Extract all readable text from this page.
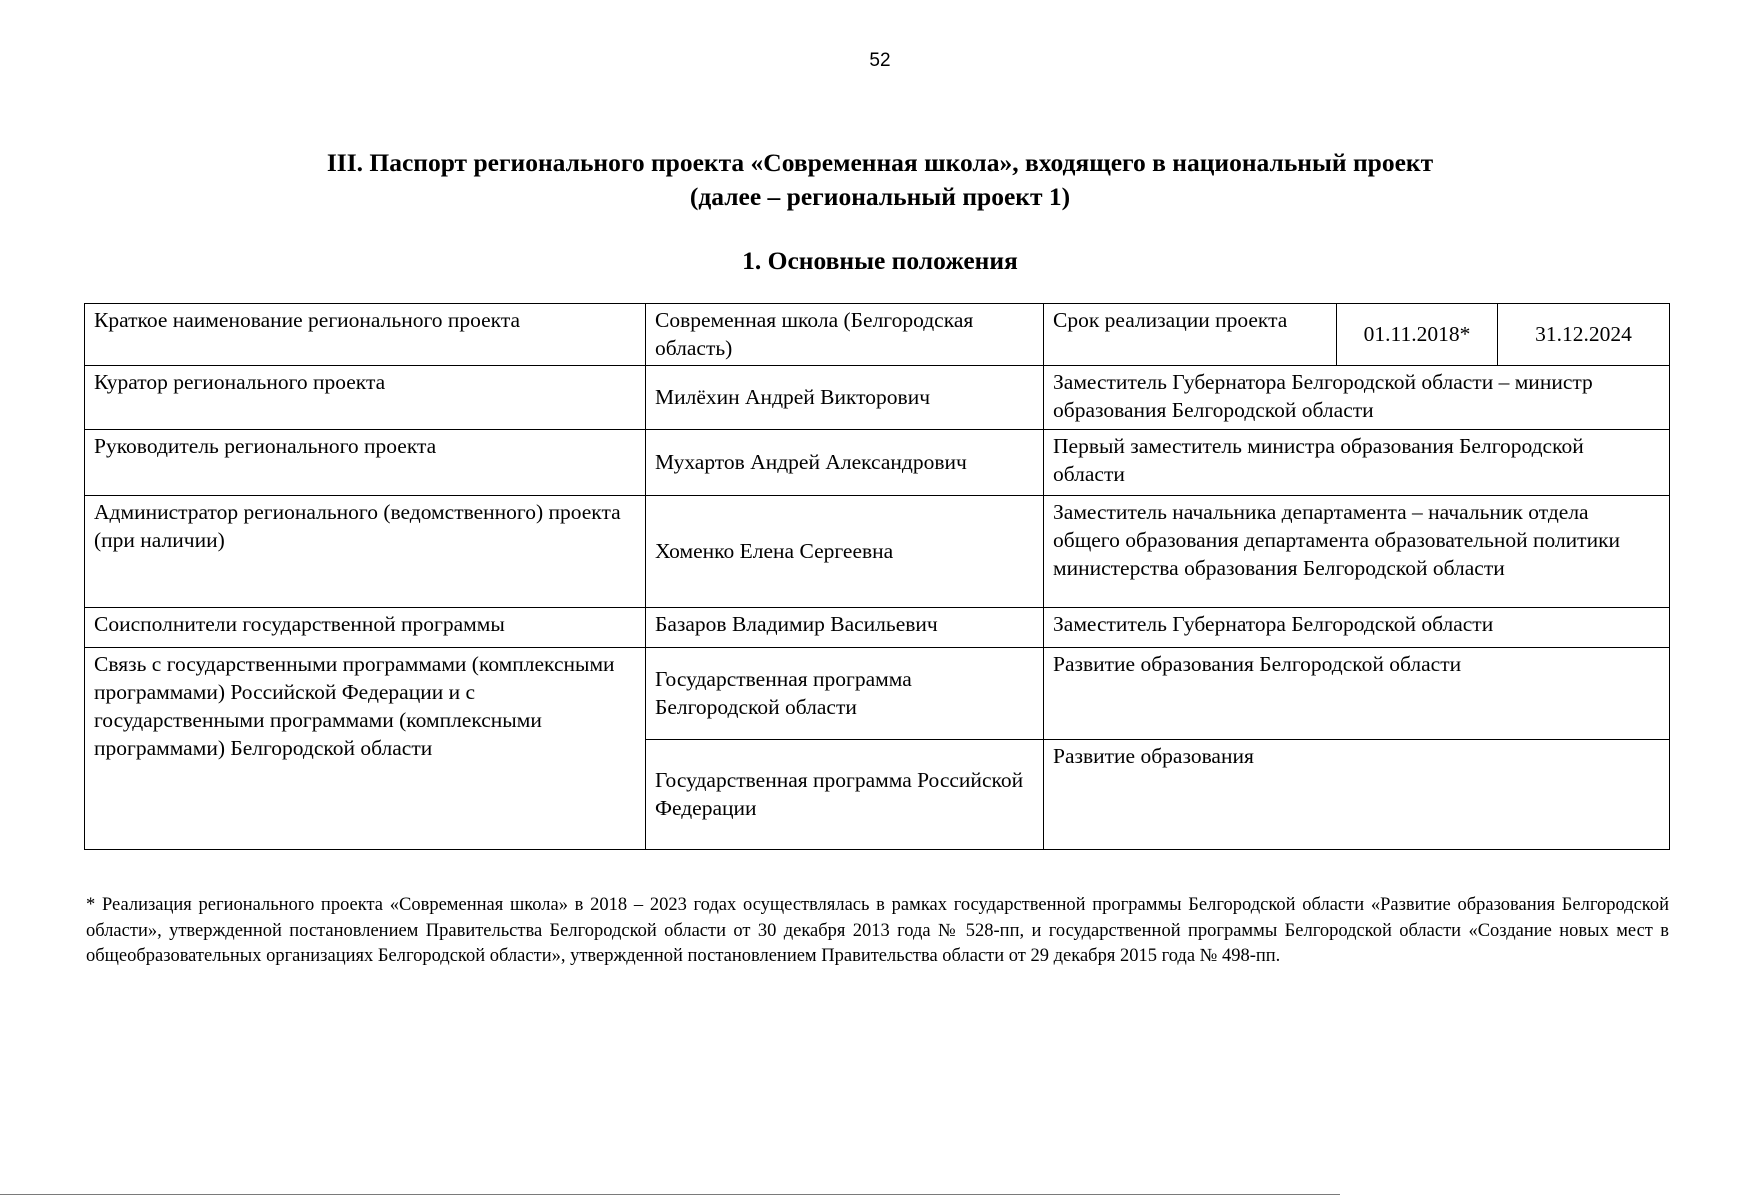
52
III. Паспорт регионального проекта «Современная школа», входящего в национальный проект
(далее – региональный проект 1)
1. Основные положения
Краткое наименование регионального проекта	Современная школа (Белгородская область)	Срок реализации проекта	01.11.2018*	31.12.2024
Куратор регионального проекта	Милёхин Андрей Викторович	Заместитель Губернатора Белгородской области – министр образования Белгородской области		
Руководитель регионального проекта	Мухартов Андрей Александрович	Первый заместитель министра образования Белгородской области		
Администратор регионального (ведомственного) проекта (при наличии)	Хоменко Елена Сергеевна	Заместитель начальника департамента – начальник отдела общего образования департамента образовательной политики министерства образования Белгородской области		
Соисполнители государственной программы	Базаров Владимир Васильевич	Заместитель Губернатора Белгородской области		
Связь с государственными программами (комплексными программами) Российской Федерации и с государственными программами (комплексными программами) Белгородской области	Государственная программа Белгородской области	Развитие образования Белгородской области		
	Государственная программа Российской Федерации	Развитие образования		
* Реализация регионального проекта «Современная школа» в 2018 – 2023 годах осуществлялась в рамках государственной программы Белгородской области «Развитие образования Белгородской области», утвержденной постановлением Правительства Белгородской области от 30 декабря 2013 года № 528-пп, и государственной программы Белгородской области «Создание новых мест в общеобразовательных организациях Белгородской области», утвержденной постановлением Правительства области от 29 декабря 2015 года № 498-пп.
